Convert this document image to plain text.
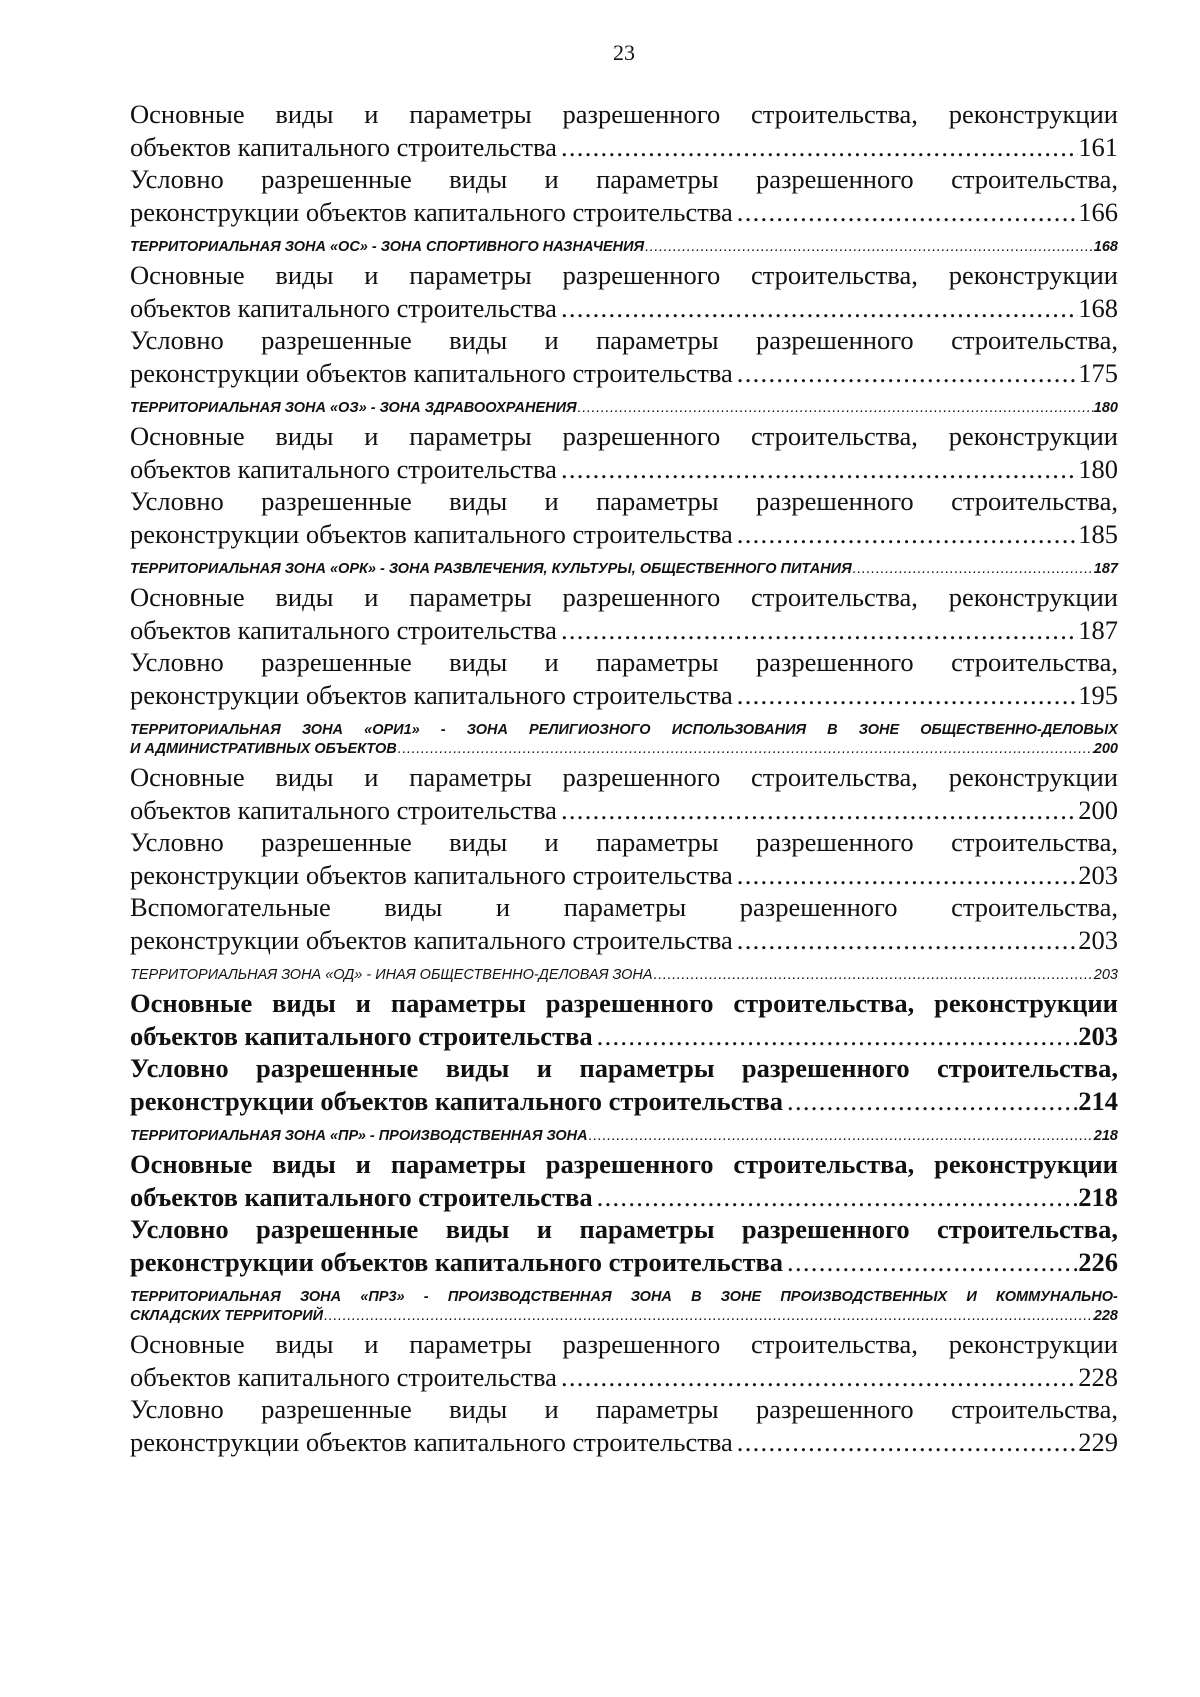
23
Основные виды и параметры разрешенного строительства, реконструкции
объектов капитального строительства .....	161
Условно разрешенные виды и параметры разрешенного строительства,
реконструкции объектов капитального строительства .....	166
ТЕРРИТОРИАЛЬНАЯ ЗОНА «ОС» - ЗОНА СПОРТИВНОГО НАЗНАЧЕНИЯ .....	168
Основные виды и параметры разрешенного строительства, реконструкции
объектов капитального строительства .....	168
Условно разрешенные виды и параметры разрешенного строительства,
реконструкции объектов капитального строительства .....	175
ТЕРРИТОРИАЛЬНАЯ ЗОНА «ОЗ» - ЗОНА ЗДРАВООХРАНЕНИЯ .....	180
Основные виды и параметры разрешенного строительства, реконструкции
объектов капитального строительства .....	180
Условно разрешенные виды и параметры разрешенного строительства,
реконструкции объектов капитального строительства .....	185
ТЕРРИТОРИАЛЬНАЯ ЗОНА «ОРК» - ЗОНА РАЗВЛЕЧЕНИЯ, КУЛЬТУРЫ, ОБЩЕСТВЕННОГО ПИТАНИЯ .....	187
Основные виды и параметры разрешенного строительства, реконструкции
объектов капитального строительства .....	187
Условно разрешенные виды и параметры разрешенного строительства,
реконструкции объектов капитального строительства .....	195
ТЕРРИТОРИАЛЬНАЯ ЗОНА «ОРИ1» - ЗОНА РЕЛИГИОЗНОГО ИСПОЛЬЗОВАНИЯ В ЗОНЕ ОБЩЕСТВЕННО-ДЕЛОВЫХ
И АДМИНИСТРАТИВНЫХ ОБЪЕКТОВ .....	200
Основные виды и параметры разрешенного строительства, реконструкции
объектов капитального строительства .....	200
Условно разрешенные виды и параметры разрешенного строительства,
реконструкции объектов капитального строительства .....	203
Вспомогательные виды и параметры разрешенного строительства,
реконструкции объектов капитального строительства .....	203
ТЕРРИТОРИАЛЬНАЯ ЗОНА «ОД» - ИНАЯ ОБЩЕСТВЕННО-ДЕЛОВАЯ ЗОНА .....	203
Основные виды и параметры разрешенного строительства, реконструкции
объектов капитального строительства .....	203
Условно разрешенные виды и параметры разрешенного строительства,
реконструкции объектов капитального строительства .....	214
ТЕРРИТОРИАЛЬНАЯ ЗОНА «ПР» - ПРОИЗВОДСТВЕННАЯ ЗОНА .....	218
Основные виды и параметры разрешенного строительства, реконструкции
объектов капитального строительства .....	218
Условно разрешенные виды и параметры разрешенного строительства,
реконструкции объектов капитального строительства .....	226
ТЕРРИТОРИАЛЬНАЯ ЗОНА «ПР3» - ПРОИЗВОДСТВЕННАЯ ЗОНА В ЗОНЕ ПРОИЗВОДСТВЕННЫХ И КОММУНАЛЬНО-
СКЛАДСКИХ ТЕРРИТОРИЙ .....	228
Основные виды и параметры разрешенного строительства, реконструкции
объектов капитального строительства .....	228
Условно разрешенные виды и параметры разрешенного строительства,
реконструкции объектов капитального строительства .....	229
